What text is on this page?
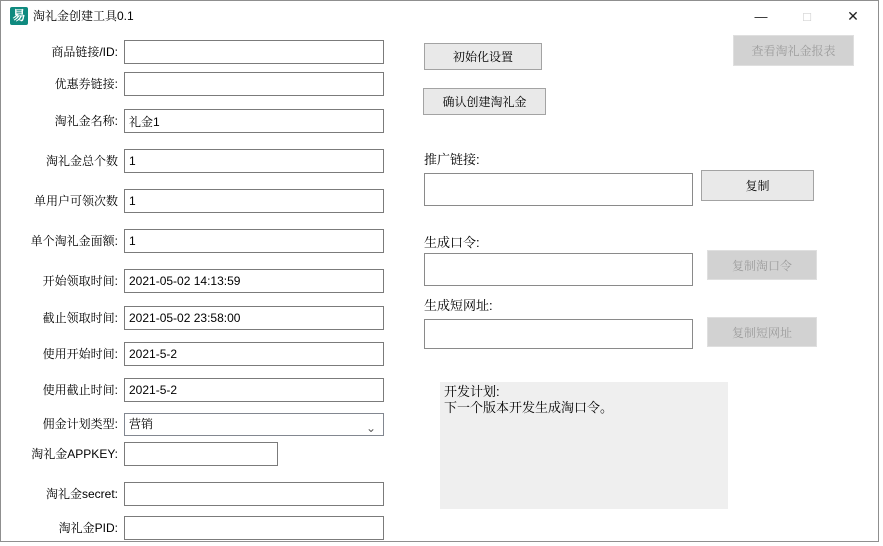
易 淘礼金创建工具0.1	—	□	✕
商品链接/ID:
优惠券链接:
淘礼金名称:
礼金1
淘礼金总个数
1
单用户可领次数
1
单个淘礼金面额:
1
开始领取时间:
2021-05-02 14:13:59
截止领取时间:
2021-05-02 23:58:00
使用开始时间:
2021-5-2
使用截止时间:
2021-5-2
佣金计划类型: 营销	⌄
淘礼金APPKEY:
淘礼金secret:
淘礼金PID:
初始化设置	查看淘礼金报表
确认创建淘礼金
推广链接:
复制
生成口令:
复制淘口令
生成短网址:
复制短网址
开发计划:
下一个版本开发生成淘口令。
